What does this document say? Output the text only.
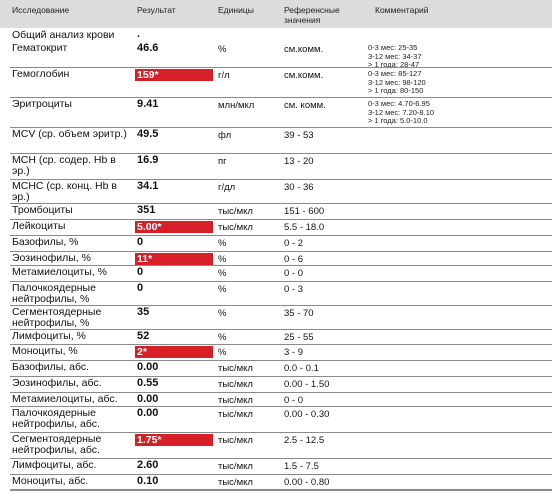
Исследование	Результат	Единицы	Референсные значения
Комментарий
Общий анализ крови	.
Гематокрит	46.6	%	см.комм.	0-3 мес: 25-35
3-12 мес: 34-37
> 1 года: 28-47
Гемоглобин	159*	г/л	см.комм.	0-3 мес: 85-127
3-12 мес: 98-120
> 1 года: 80-150
Эритроциты	9.41	млн/мкл	см. комм.	0-3 мес: 4.70-6.95
3-12 мес: 7.20-8.10
> 1 года: 5.0-10.0
MCV (ср. объем эритр.) 49.5	фл	39 - 53
MCH (ср. содер. Hb в эр.)
16.9	пг	13 - 20
MCHC (ср. конц. Hb в эр.)
34.1	г/дл	30 - 36
Тромбоциты	351	тыс/мкл	151 - 600
Лейкоциты	5.00*	тыс/мкл	5.5 - 18.0
Базофилы, %	0	%	0 - 2
Эозинофилы, %	11*	%	0 - 6
Метамиелоциты, %	0	%	0 - 0
Палочкоядерные нейтрофилы, %
0	%	0 - 3
Сегментоядерные нейтрофилы, %
35	%	35 - 70
Лимфоциты, %	52	%	25 - 55
Моноциты, %	2*	%	3 - 9
Базофилы, абс.	0.00	тыс/мкл	0.0 - 0.1
Эозинофилы, абс.	0.55	тыс/мкл	0.00 - 1.50
Метамиелоциты, абс.	0.00	тыс/мкл	0 - 0
Палочкоядерные нейтрофилы, абс.
0.00	тыс/мкл	0.00 - 0.30
Сегментоядерные нейтрофилы, абс.
1.75*	тыс/мкл	2.5 - 12.5
Лимфоциты, абс.	2.60	тыс/мкл	1.5 - 7.5
Моноциты, абс.	0.10	тыс/мкл	0.00 - 0.80
